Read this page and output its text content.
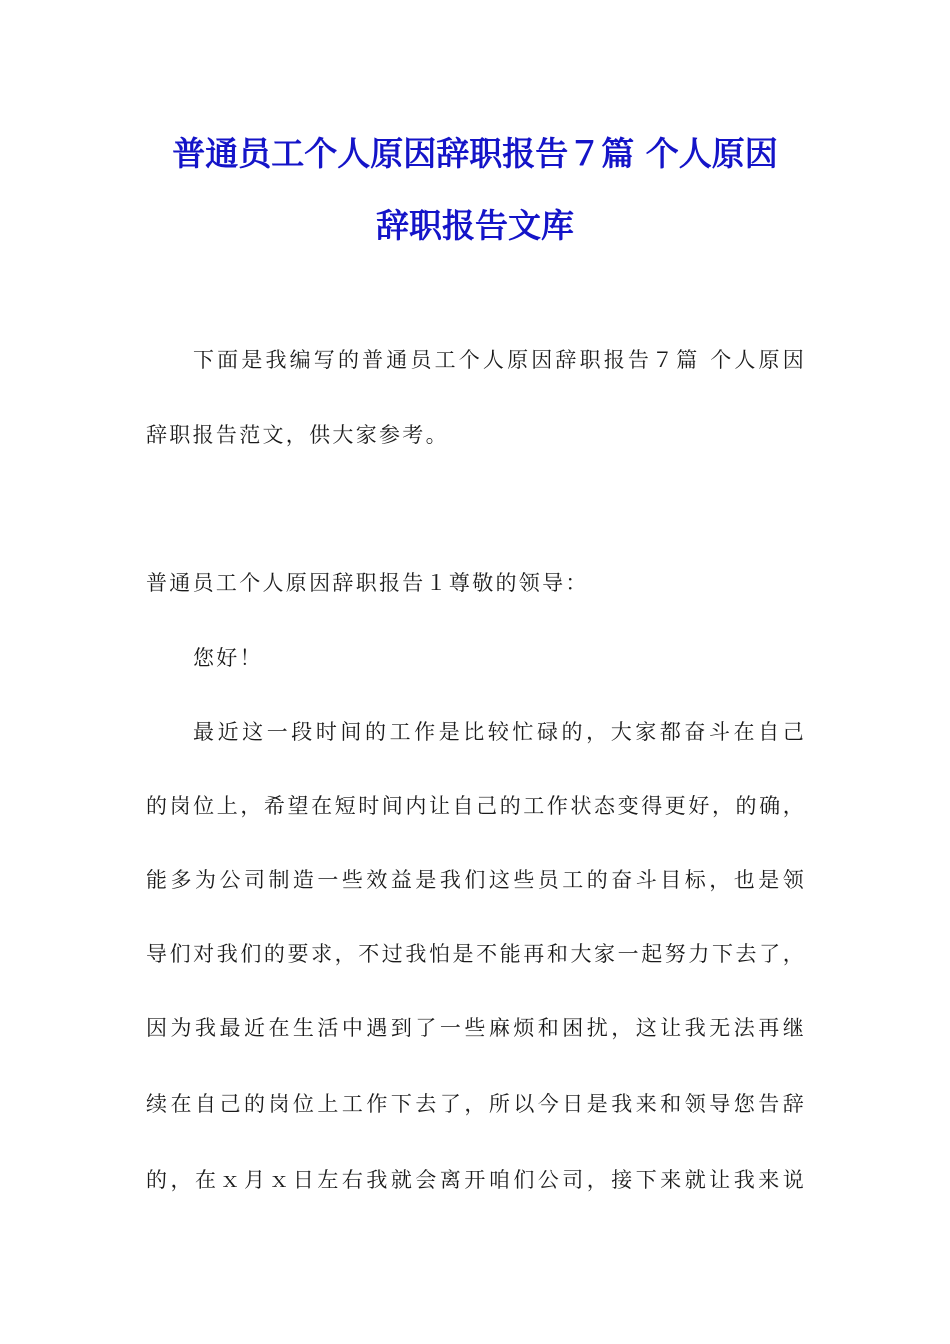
普通员工个人原因辞职报告７篇 个人原因
辞职报告文库
下面是我编写的普通员工个人原因辞职报告７篇 个人原因
辞职报告范文，供大家参考。
普通员工个人原因辞职报告１尊敬的领导：
您好！
最近这一段时间的工作是比较忙碌的，大家都奋斗在自己
的岗位上，希望在短时间内让自己的工作状态变得更好，的确，
能多为公司制造一些效益是我们这些员工的奋斗目标，也是领
导们对我们的要求，不过我怕是不能再和大家一起努力下去了，
因为我最近在生活中遇到了一些麻烦和困扰，这让我无法再继
续在自己的岗位上工作下去了，所以今日是我来和领导您告辞
的，在ｘ月ｘ日左右我就会离开咱们公司，接下来就让我来说
